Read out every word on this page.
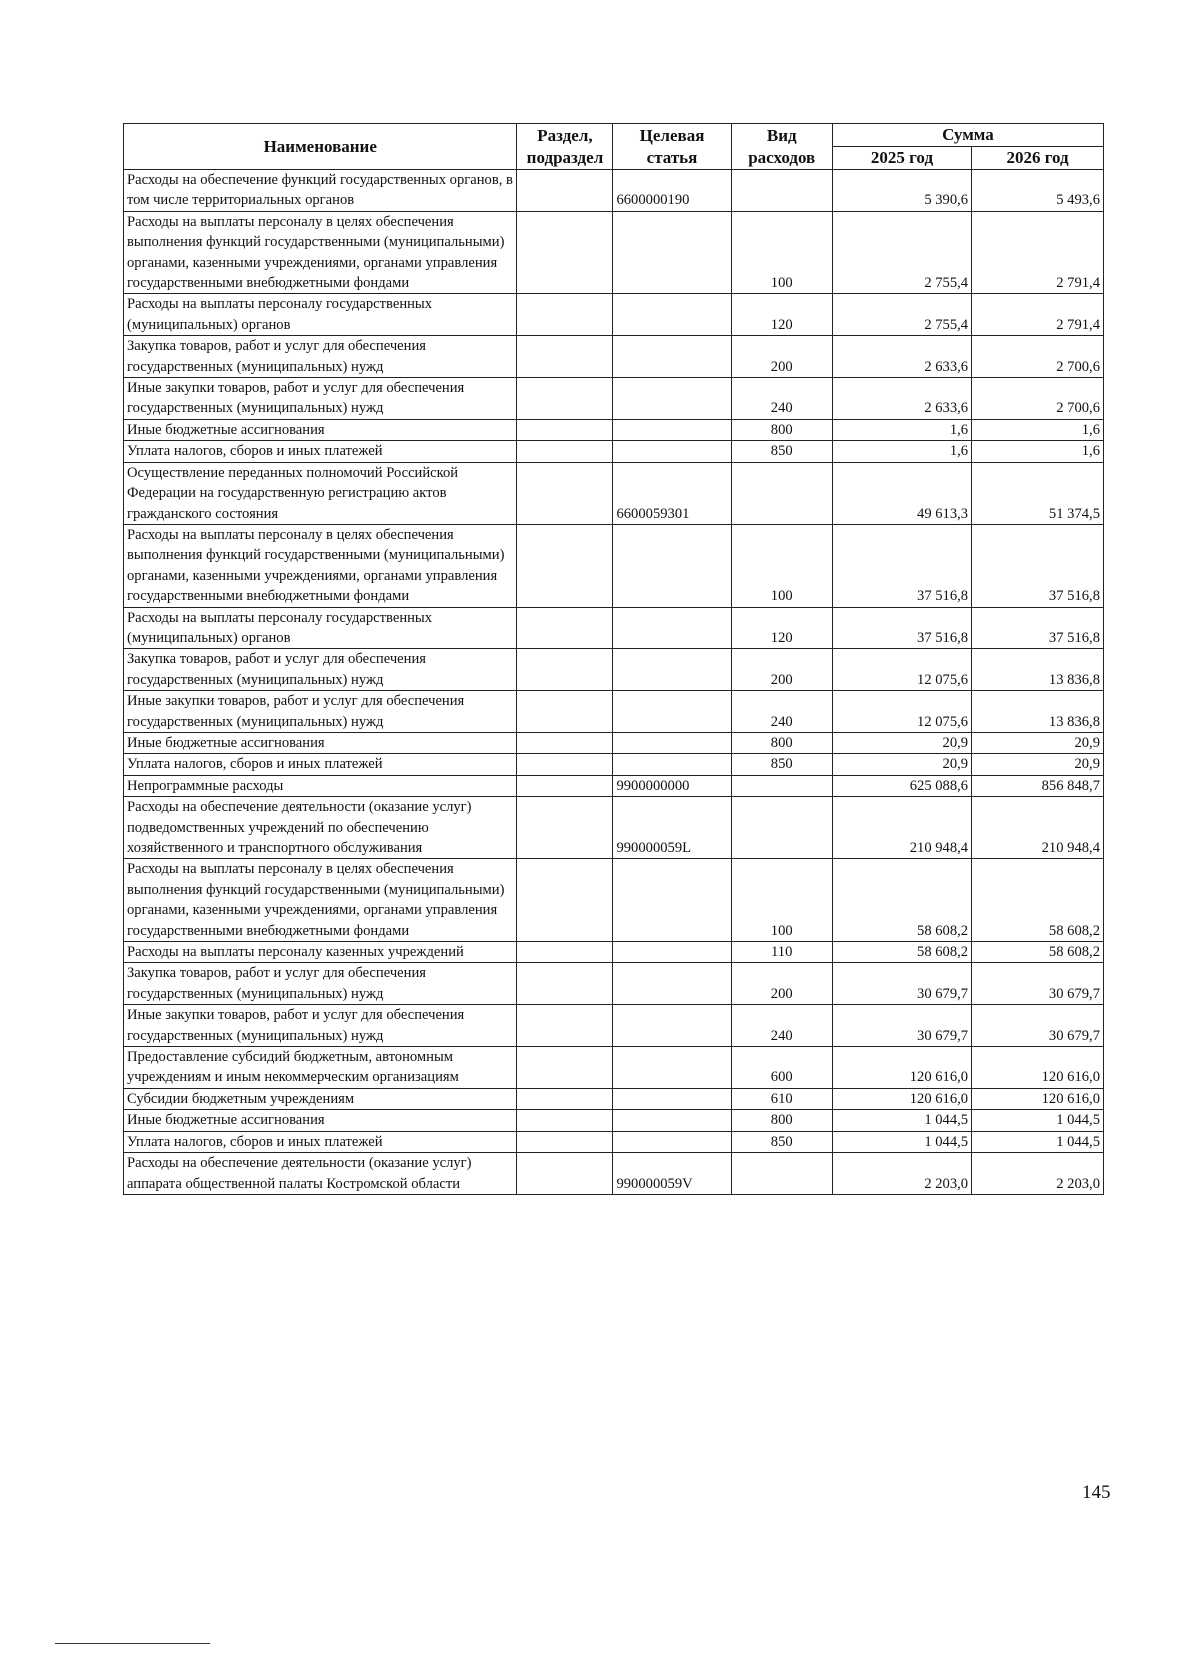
Наименование	Раздел, подраздел	Целевая статья	Вид расходов	Сумма	
				2025 год	2026 год
Расходы на обеспечение функций государственных органов, в том числе территориальных органов		6600000190		5 390,6	5 493,6
Расходы на выплаты персоналу в целях обеспечения выполнения функций государственными (муниципальными) органами, казенными учреждениями, органами управления государственными внебюджетными фондами			100	2 755,4	2 791,4
Расходы на выплаты персоналу государственных (муниципальных) органов			120	2 755,4	2 791,4
Закупка товаров, работ и услуг для обеспечения государственных (муниципальных) нужд			200	2 633,6	2 700,6
Иные закупки товаров, работ и услуг для обеспечения государственных (муниципальных) нужд			240	2 633,6	2 700,6
Иные бюджетные ассигнования			800	1,6	1,6
Уплата налогов, сборов и иных платежей			850	1,6	1,6
Осуществление переданных полномочий Российской Федерации на государственную регистрацию актов гражданского состояния		6600059301		49 613,3	51 374,5
Расходы на выплаты персоналу в целях обеспечения выполнения функций государственными (муниципальными) органами, казенными учреждениями, органами управления государственными внебюджетными фондами			100	37 516,8	37 516,8
Расходы на выплаты персоналу государственных (муниципальных) органов			120	37 516,8	37 516,8
Закупка товаров, работ и услуг для обеспечения государственных (муниципальных) нужд			200	12 075,6	13 836,8
Иные закупки товаров, работ и услуг для обеспечения государственных (муниципальных) нужд			240	12 075,6	13 836,8
Иные бюджетные ассигнования			800	20,9	20,9
Уплата налогов, сборов и иных платежей			850	20,9	20,9
Непрограммные расходы		9900000000		625 088,6	856 848,7
Расходы на обеспечение деятельности (оказание услуг) подведомственных учреждений по обеспечению хозяйственного и транспортного обслуживания		990000059L		210 948,4	210 948,4
Расходы на выплаты персоналу в целях обеспечения выполнения функций государственными (муниципальными) органами, казенными учреждениями, органами управления государственными внебюджетными фондами			100	58 608,2	58 608,2
Расходы на выплаты персоналу казенных учреждений			110	58 608,2	58 608,2
Закупка товаров, работ и услуг для обеспечения государственных (муниципальных) нужд			200	30 679,7	30 679,7
Иные закупки товаров, работ и услуг для обеспечения государственных (муниципальных) нужд			240	30 679,7	30 679,7
Предоставление субсидий бюджетным, автономным учреждениям и иным некоммерческим организациям			600	120 616,0	120 616,0
Субсидии бюджетным учреждениям			610	120 616,0	120 616,0
Иные бюджетные ассигнования			800	1 044,5	1 044,5
Уплата налогов, сборов и иных платежей			850	1 044,5	1 044,5
Расходы на обеспечение деятельности (оказание услуг) аппарата общественной палаты Костромской области		990000059V		2 203,0	2 203,0
145
